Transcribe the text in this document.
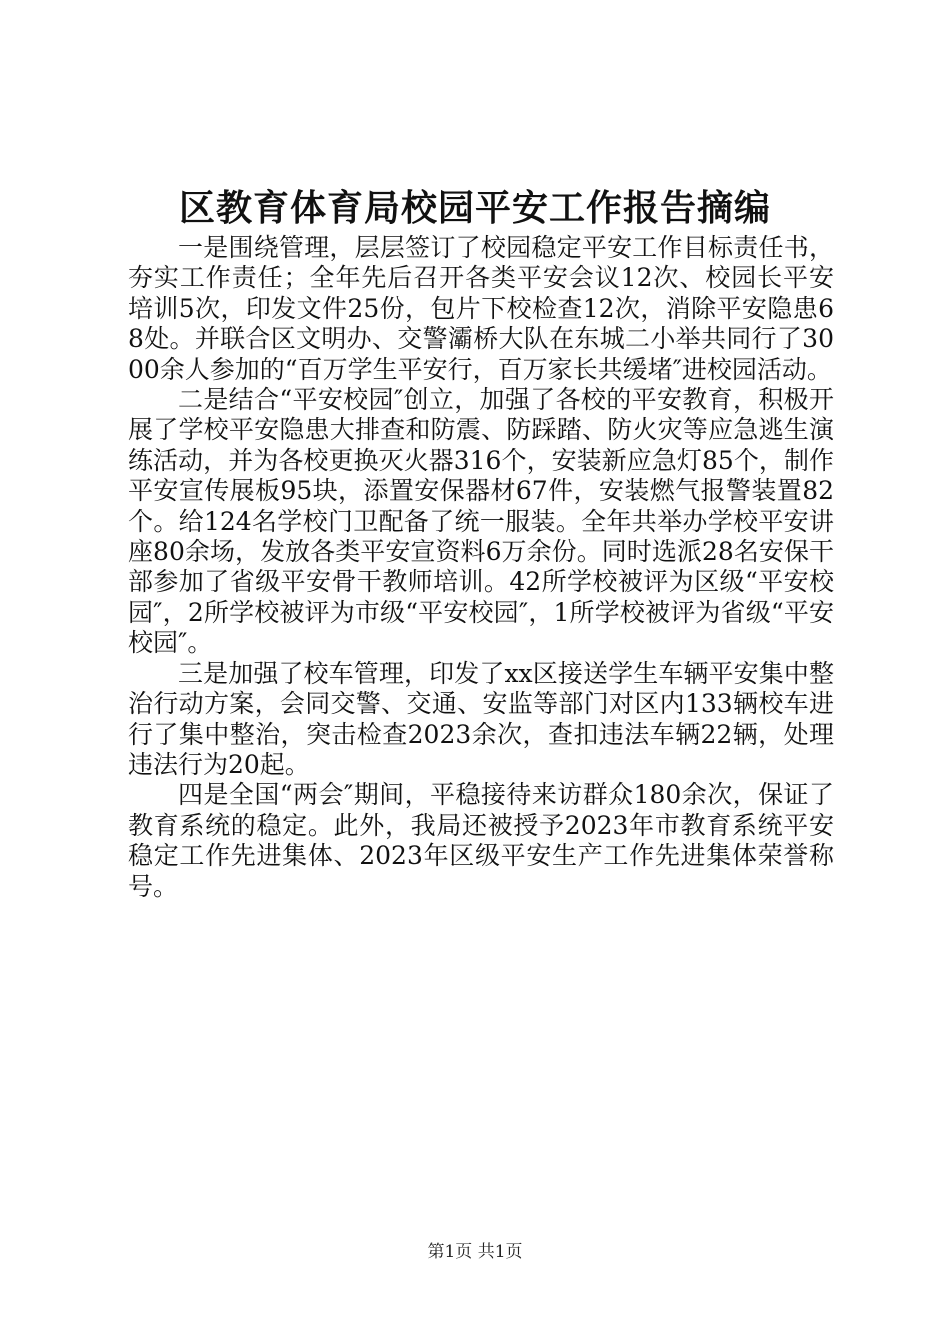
区教育体育局校园平安工作报告摘编

一是围绕管理，层层签订了校园稳定平安工作目标责任书，夯实工作责任；全年先后召开各类平安会议12次、校园长平安培训5次，印发文件25份，包片下校检查12次，消除平安隐患68处。并联合区文明办、交警灞桥大队在东城二小举共同行了3000余人参加的“百万学生平安行，百万家长共缓堵″进校园活动。

二是结合“平安校园″创立，加强了各校的平安教育，积极开展了学校平安隐患大排查和防震、防踩踏、防火灾等应急逃生演练活动，并为各校更换灭火器316个，安装新应急灯85个，制作平安宣传展板95块，添置安保器材67件，安装燃气报警装置82个。给124名学校门卫配备了统一服装。全年共举办学校平安讲座80余场，发放各类平安宣资料6万余份。同时选派28名安保干部参加了省级平安骨干教师培训。42所学校被评为区级“平安校园″，2所学校被评为市级“平安校园″，1所学校被评为省级“平安校园″。

三是加强了校车管理，印发了xx区接送学生车辆平安集中整治行动方案，会同交警、交通、安监等部门对区内133辆校车进行了集中整治，突击检查2023余次，查扣违法车辆22辆，处理违法行为20起。

四是全国“两会″期间，平稳接待来访群众180余次，保证了教育系统的稳定。此外，我局还被授予2023年市教育系统平安稳定工作先进集体、2023年区级平安生产工作先进集体荣誉称号。

第1页 共1页
